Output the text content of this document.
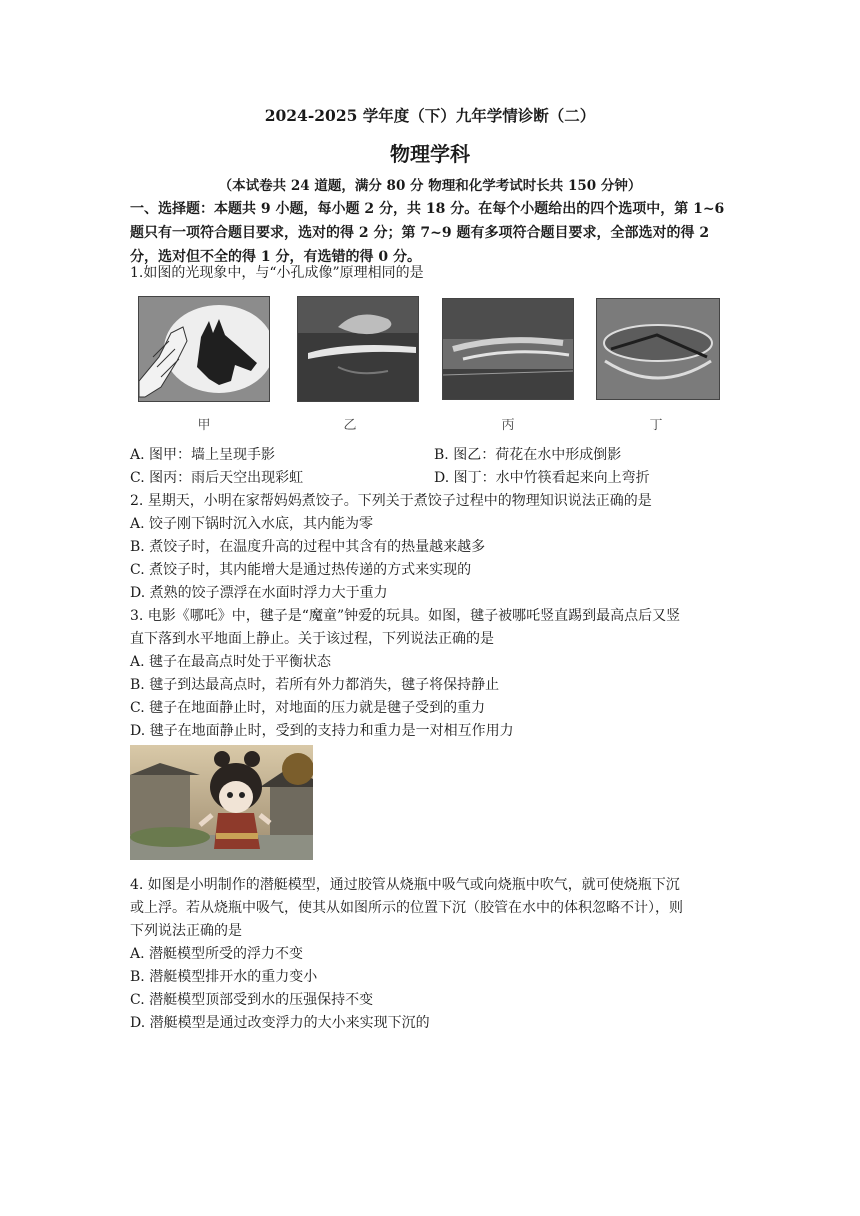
2024-2025 学年度（下）九年学情诊断（二）
物理学科
（本试卷共 24 道题，满分 80 分 物理和化学考试时长共 150 分钟）
一、选择题：本题共 9 小题，每小题 2 分，共 18 分。在每个小题给出的四个选项中，第 1~6
题只有一项符合题目要求，选对的得 2 分；第 7~9 题有多项符合题目要求，全部选对的得 2
分，选对但不全的得 1 分，有选错的得 0 分。
1.如图的光现象中，与“小孔成像”原理相同的是
甲	乙	丙	丁
A. 图甲：墙上呈现手影	B. 图乙：荷花在水中形成倒影
C. 图丙：雨后天空出现彩虹	D. 图丁：水中竹筷看起来向上弯折
2. 星期天，小明在家帮妈妈煮饺子。下列关于煮饺子过程中的物理知识说法正确的是
A. 饺子刚下锅时沉入水底，其内能为零
B. 煮饺子时，在温度升高的过程中其含有的热量越来越多
C. 煮饺子时，其内能增大是通过热传递的方式来实现的
D. 煮熟的饺子漂浮在水面时浮力大于重力
3. 电影《哪吒》中，毽子是“魔童”钟爱的玩具。如图，毽子被哪吒竖直踢到最高点后又竖
直下落到水平地面上静止。关于该过程，下列说法正确的是
A. 毽子在最高点时处于平衡状态
B. 毽子到达最高点时，若所有外力都消失，毽子将保持静止
C. 毽子在地面静止时，对地面的压力就是毽子受到的重力
D. 毽子在地面静止时，受到的支持力和重力是一对相互作用力
4. 如图是小明制作的潜艇模型，通过胶管从烧瓶中吸气或向烧瓶中吹气，就可使烧瓶下沉
或上浮。若从烧瓶中吸气，使其从如图所示的位置下沉（胶管在水中的体积忽略不计），则
下列说法正确的是
A. 潜艇模型所受的浮力不变
B. 潜艇模型排开水的重力变小
C. 潜艇模型顶部受到水的压强保持不变
D. 潜艇模型是通过改变浮力的大小来实现下沉的
